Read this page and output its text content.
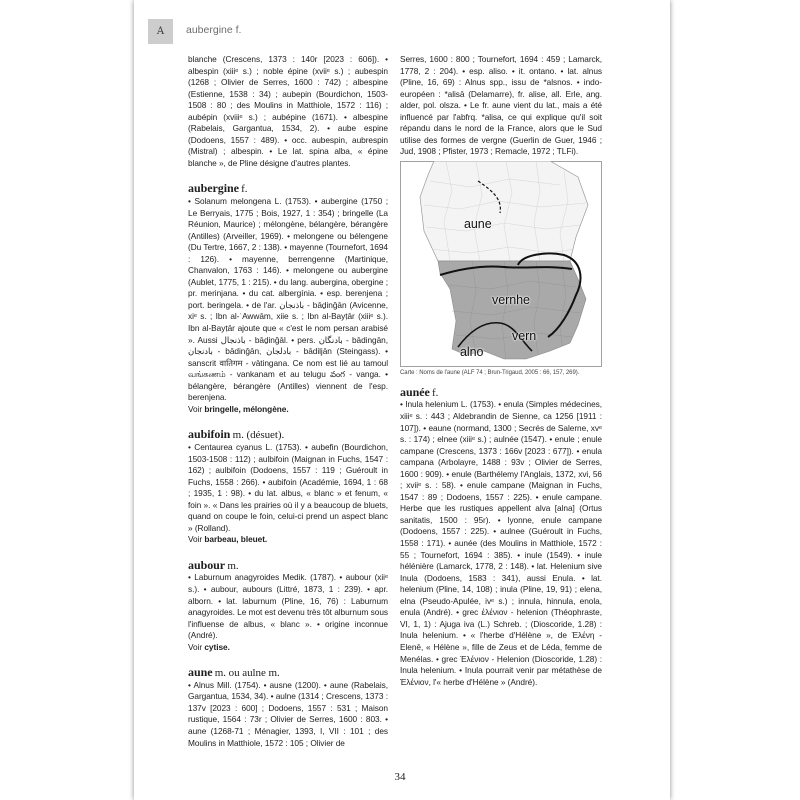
A	aubergine f.

blanche (Crescens, 1373 : 140r [2023 : 606]). • albespin (xiiiᵉ s.) ; noble épine (xviiᵉ s.) ; aubespin (1268 ; Olivier de Serres, 1600 : 742) ; albespine (Estienne, 1538 : 34) ; aubepin (Bourdichon, 1503-1508 : 80 ; des Moulins in Matthiole, 1572 : 116) ; aubépin (xviiiᵉ s.) ; aubépine (1671). • albespine (Rabelais, Gargantua, 1534, 2). • aube espine (Dodoens, 1557 : 489). • occ. aubespin, aubrespin (Mistral) ; albespin. • Le lat. spina alba, « épine blanche », de Pline désigne d'autres plantes.

aubergine f.

• Solanum melongena L. (1753). • aubergine (1750 ; Le Berryais, 1775 ; Bois, 1927, 1 : 354) ; bringelle (La Réunion, Maurice) ; mélongène, bélangère, bérangère (Antilles) (Arveiller, 1969). • melongene ou bélengene (Du Tertre, 1667, 2 : 138). • mayenne (Tournefort, 1694 : 126). • mayenne, berrengenne (Martinique, Chanvalon, 1763 : 146). • melongene ou aubergine (Aublet, 1775, 1 : 215). • du lang. aubergina, obergine ; pr. merinjana. • du cat. albergínia. • esp. berenjena ; port. beringela. • de l'ar. باذنجان - bāḏinğān (Avicenne, xiᵉ s. ; Ibn al-ʿAwwām, xiie s. ; Ibn al-Bayṭār (xiiiᵉ s.). Ibn al-Bayṭār ajoute que « c'est le nom persan arabisé ». Aussi باذنجال - bāḏinğāl. • pers. بادنگان - bādingān, بادنجان - bādinğān, بادلجان - bādiljān (Steingass). • sanscrit वातिगम - vātingana. Ce nom est lié au tamoul வங்கணம் - vankanam et au telugu వంగ - vanga. • bélangère, bérangère (Antilles) viennent de l'esp. berenjena.

Voir bringelle, mélongène.

aubifoin m. (désuet).

• Centaurea cyanus L. (1753). • aubefin (Bourdichon, 1503-1508 : 112) ; aulbifoin (Maignan in Fuchs, 1547 : 162) ; aulbifoin (Dodoens, 1557 : 119 ; Guéroult in Fuchs, 1558 : 266). • aubifoin (Académie, 1694, 1 : 68 ; 1935, 1 : 98). • du lat. albus, « blanc » et fenum, « foin ». « Dans les prairies où il y a beaucoup de bluets, quand on coupe le foin, celui-ci prend un aspect blanc » (Rolland).

Voir barbeau, bleuet.

aubour m.

• Laburnum anagyroides Medik. (1787). • aubour (xiiᵉ s.). • aubour, aubours (Littré, 1873, 1 : 239). • apr. alborn. • lat. laburnum (Pline, 16, 76) : Laburnum anagyroides. Le mot est devenu très tôt alburnum sous l'influense de albus, « blanc ». • origine inconnue (André).

Voir cytise.

aune m. ou aulne m.

• Alnus Mill. (1754). • ausne (1200). • aune (Rabelais, Gargantua, 1534, 34). • aulne (1314 ; Crescens, 1373 : 137v [2023 : 600] ; Dodoens, 1557 : 531 ; Maison rustique, 1564 : 73r ; Olivier de Serres, 1600 : 803. • aune (1268-71 ; Ménagier, 1393, I, VII : 101 ; des Moulins in Matthiole, 1572 : 105 ; Olivier de

Serres, 1600 : 800 ; Tournefort, 1694 : 459 ; Lamarck, 1778, 2 : 204). • esp. aliso. • it. ontano. • lat. alnus (Pline, 16, 69) : Alnus spp., issu de *alsnos. • indo-européen : *alisā (Delamarre), fr. alise, all. Erle, ang. alder, pol. olsza. • Le fr. aune vient du lat., mais a été influencé par l'abfrq. *alisa, ce qui explique qu'il soit répandu dans le nord de la France, alors que le Sud utilise des formes de vergne (Guerlin de Guer, 1946 ; Jud, 1908 ; Pfister, 1973 ; Remacle, 1972 ; TLFi).

aune
vernhe
alno
vern

Carte : Noms de l'aune (ALF 74 ; Brun-Trigaud, 2005 : 66, 157, 269).

aunée f.

• Inula helenium L. (1753). • enula (Simples médecines, xiiiᵉ s. : 443 ; Aldebrandin de Sienne, ca 1256 [1911 : 107]). • eaune (normand, 1300 ; Secrés de Salerne, xvᵉ s. : 174) ; elnee (xiiiᵉ s.) ; aulnée (1547). • enule ; enule campane (Crescens, 1373 : 166v [2023 : 677]). • enula campana (Arbolayre, 1488 : 93v ; Olivier de Serres, 1600 : 909). • enule (Barthélemy l'Anglais, 1372, xvi, 56 ; xviiᵉ s. : 58). • enule campane (Maignan in Fuchs, 1547 : 89 ; Dodoens, 1557 : 225). • enule campane. Herbe que les rustiques appellent alva [alna] (Ortus sanitatis, 1500 : 95r). • lyonne, enule campane (Dodoens, 1557 : 225). • aulnee (Guéroult in Fuchs, 1558 : 171). • aunée (des Moulins in Matthiole, 1572 : 55 ; Tournefort, 1694 : 385). • inule (1549). • inule hélénière (Lamarck, 1778, 2 : 148). • lat. Helenium sive Inula (Dodoens, 1583 : 341), aussi Enula. • lat. helenium (Pline, 14, 108) ; inula (Pline, 19, 91) ; elena, elna (Pseudo-Apulée, ivᵉ s.) ; innula, hinnula, enola, enula (André). • grec ἑλένιον - helenion (Théophraste, VI, 1, 1) : Ajuga iva (L.) Schreb. ; (Dioscoride, 1.28) : Inula helenium. • « l'herbe d'Hélène », de Ἑλένη - Elenē, « Hélène », fille de Zeus et de Léda, femme de Menélas. • grec Ἑλένιον - Helenion (Dioscoride, 1.28) : Inula helenium. • Inula pourrait venir par métathèse de Ἑλένιον, l'« herbe d'Hélène » (André).

34
